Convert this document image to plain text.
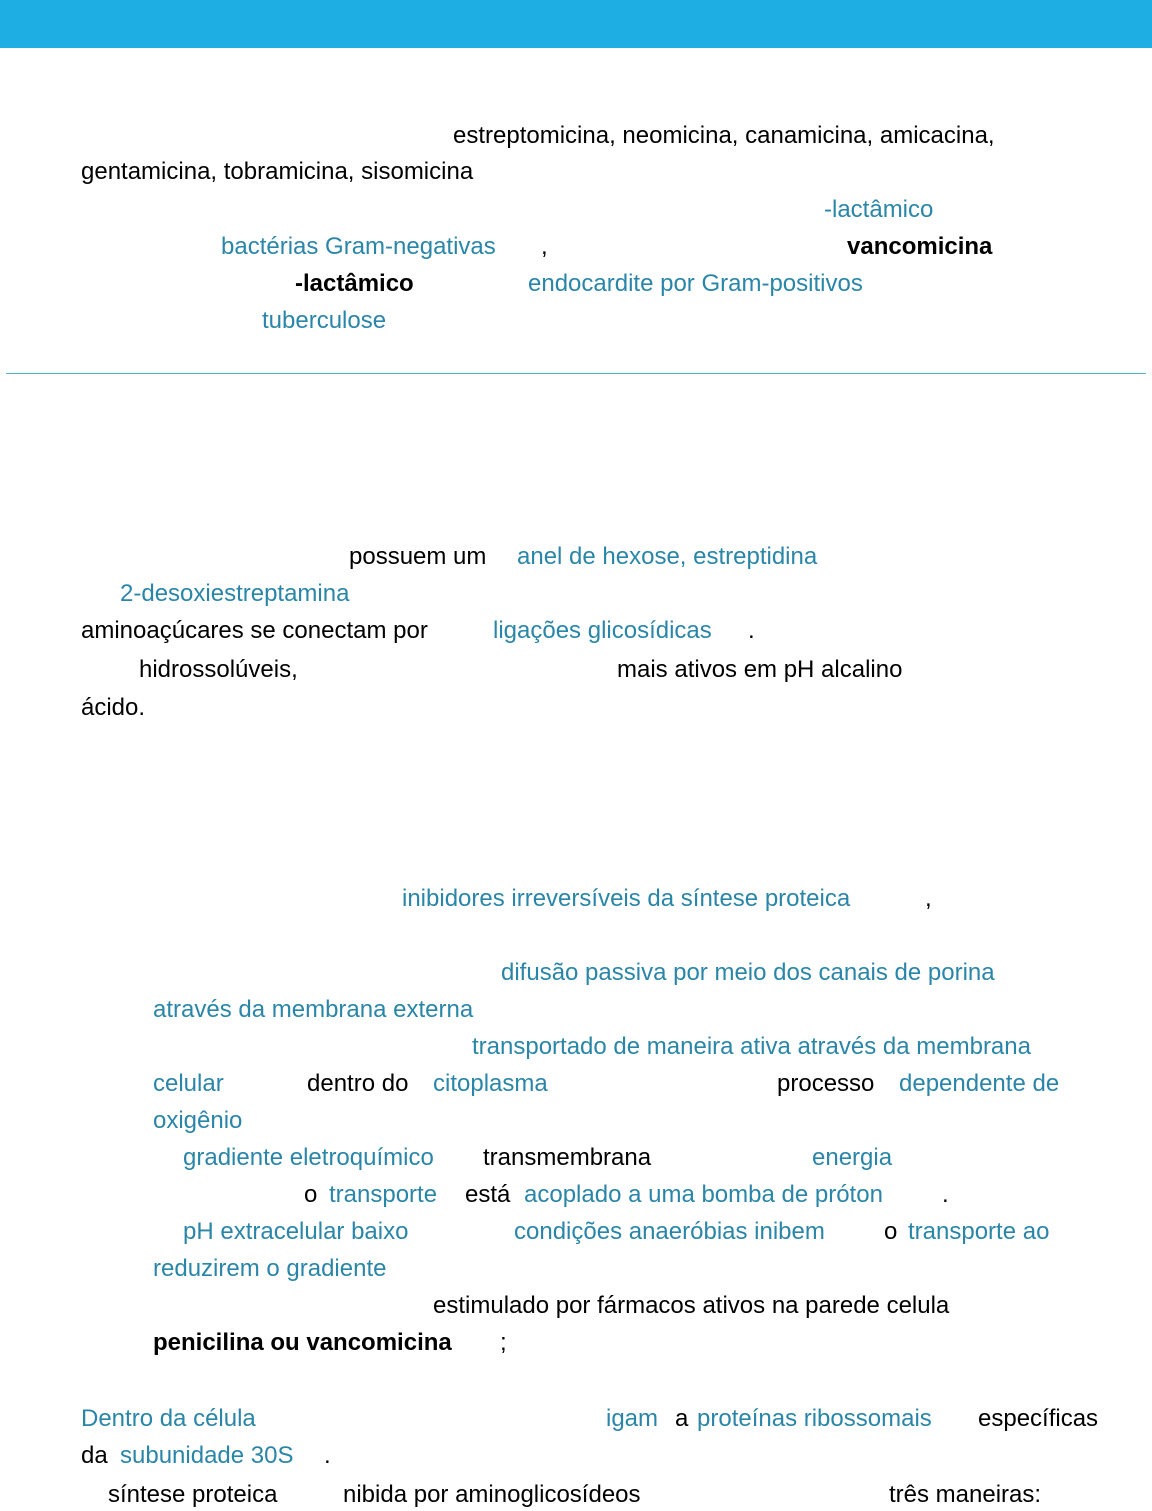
estreptomicina, neomicina, canamicina, amicacina,
gentamicina, tobramicina, sisomicina
-lactâmico
bactérias Gram-negativas ,	vancomicina
-lactâmico	endocardite por Gram-positivos
tuberculose
possuem um anel de hexose, estreptidina
2-desoxiestreptamina
aminoaçúcares se conectam por	ligações glicosídicas .
hidrossolúveis,	mais ativos em pH alcalino
ácido.
inibidores irreversíveis da síntese proteica	,
difusão passiva por meio dos canais de porina
através da membrana externa
transportado de maneira ativa através da membrana
celular	dentro do citoplasma	processo dependente de
oxigênio
gradiente eletroquímico transmembrana	energia
o transporte está acoplado a uma bomba de próton .
pH extracelular baixo	condições anaeróbias inibem o transporte ao
reduzirem o gradiente
estimulado por fármacos ativos na parede celula
penicilina ou vancomicina ;
Dentro da célula	igam a proteínas ribossomais específicas
da subunidade 30S .
síntese proteica	nibida por aminoglicosídeos	três maneiras:
